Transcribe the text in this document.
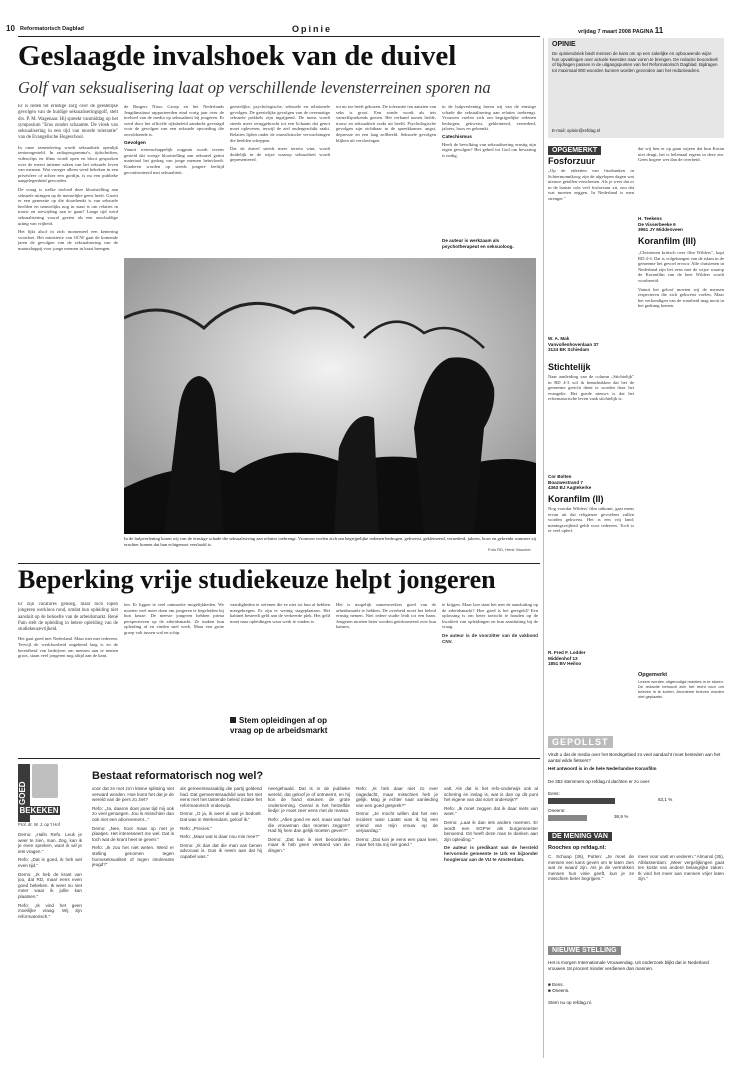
Reformatorisch Dagblad
10	Opinie	vrijdag 7 maart 2008 PAGINA 11
Geslaagde invalshoek van de duivel
Golf van seksualisering laat op verschillende levensterreinen sporen na

Er is reden tot ernstige zorg over de geestelijke gevolgen van de huidige seksualiseringsgolf, stelt drs. P. M. Wagenaar. Hij spreekt vanmiddag op het symposium "Eros zonder schaamte. De vloek van seksualisering in een tijd van morele tolerantie" van de Evangelische Hogeschool.

In onze samenleving wordt seksualiteit openlijk tentoongesteld. In radioprogramma's, tijdschriften, videoclips en films wordt open en bloot gesproken over de meest intieme zaken van het seksuele leven van mensen. Wat vroeger alleen werd bekeken in een privésfeer of achter een gordijn, is nu een publieke aangelegenheid geworden.

De vraag is welke invloed deze blootstelling aan seksuele uitingen op de menselijke geest heeft. Groeit er een generatie op die doordrenkt is van seksuele beelden en nauwelijks nog in staat is om relaties in trouw en toewijding aan te gaan? Lange tijd werd seksualisering vooral gezien als een onschuldige uiting van vrijheid.

Het lijkt alsof in zich momenteel een kentering voordoet. Het ministerie van OCW gaat de komende jaren de gevolgen van de seksualisering van de maatschappij voor jonge mensen in kaart brengen.

de Rutgers Nisso Groep en het Nederlands Jeugdinstituut rapporteerden eind vorig jaar over de invloed van de media op seksualiteit bij jongeren. Er werd door het officiële rijksbeleid aandacht gevraagd voor de gevolgen van een seksuele opvoeding die onvoldoende is.

Gevolgen

Vanuit wetenschappelijk oogpunt wordt tevens gesteld dat vroege blootstelling aan seksueel getint materiaal het gedrag van jonge mensen beïnvloedt. Kinderen worden op steeds jongere leeftijd geconfronteerd met seksualiteit.

geestelijke, psychologische, seksuele en relationele gevolgen. De geestelijke gevolgen van de overmatige seksuele prikkels zijn ingrijpend. De mens wordt steeds meer teruggebracht tot een lichaam dat genot moet opleveren, terwijl de ziel ondergeschikt raakt. Relaties lijden onder de onrealistische verwachtingen die beelden scheppen.

Dat de duivel steeds meer terrein wint, wordt duidelijk in de wijze waarop seksualiteit wordt gepresenteerd.

tot nu toe heeft gekozen. De tolerantie ten aanzien van seks is groot. Een zonde wordt als iets vanzelfsprekends gezien. Het verband tussen liefde, trouw en seksualiteit raakt uit beeld. Psychologische gevolgen zijn zichtbaar in de spreekkamer: angst, depressie en een laag zelfbeeld. Seksuele gevolgen blijken uit verslavingen.

in de hulpverlening horen wij van de ernstige schade die seksualisering aan relaties toebrengt. Vrouwen voelen zich om begrijpelijke redenen bedrogen, gekwetst, gekleineerd, vernederd, jaloers, boos en gekrenkt.

Catechismus

Heeft de bevolking van seksualisering ernstig zijn eigen gevolgen? Het gebed tot God om bewaring is nodig.

In de hulpverlening horen wij van de ernstige schade die seksualisering aan relaties toebrengt. Vrouwen voelen zich om begrijpelijke redenen bedrogen, gekwetst, gekleineerd, vernederd, jaloers, boos en gekrenkt wanneer zij erachter komen dat hun echtgenoot verslaafd is.
Foto RD, Henk Visscher
De auteur is werkzaam als psychotherapeut en seksuoloog.
Beperking vrije studiekeuze helpt jongeren

Er zijn vacatures genoeg, maar toch lopen jongeren werkloos rond, omdat hun opleiding niet aansluit op de behoefte van de arbeidsmarkt. René Pain stelt de opleiding in betere opleiding van de studiekeuzevrijheid.

Het gaat goed met Nederland. Maar niet met iedereen. Terwijl de werkloosheid ongekend laag is en de bereidheid van bedrijven om mensen aan te nemen groot, staan veel jongeren nog altijd aan de kant.

ten. Er liggen te veel ontmoette mogelijkheden. We moeten veel meer doen om jongeren te begeleiden bij hun keuze. De meeste jongeren hebben prima perspectieven op de arbeidsmarkt. Ze maken hun opleiding af en vinden snel werk. Maar een grote groep valt tussen wal en schip.

vaardigheden te oefenen die ze niet tot hun al hebben meegekregen. Er zijn te weinig stageplaatsen. Het kabinet besteedt geld aan de verkeerde plek. Het geld moet naar opleidingen waar werk te vinden is.

Stem opleidingen af op vraag op de arbeidsmarkt

Het is mogelijk samenwerkers goed van de arbeidsmarkt te hebben. De overheid moet het beleid ernstig nemen. Niet iedere studie leidt tot een baan. Jongeren moeten beter worden geïnformeerd over hun kansen.

te krijgen. Maar hoe staat het met de aansluiting op de arbeidsmarkt? Hoe goed is het geregeld? Een oplossing is om beter toezicht te houden op de kwaliteit van opleidingen en hun aansluiting bij de vraag.

De auteur is de voorzitter van de vakbond CNV.

GOED
BEKEKEN
Prof. dr. W. J. op 't Hof
Bestaat reformatorisch nog wel?

Demo: „Hallo Refo. Leuk je weer te zien, man. Zeg, kan ik je even spreken, want ik wil je iets vragen."

Refo: „Dat is goed, ik heb wel even tijd."

Demo: „Ik heb de krant van jou, dat RD, maar eens even goed bekeken. Ik weet nu niet meer waar ik jullie kan plaatsen."

Refo: „Ik vind het geen moeilijke vraag. Wij zijn reformatorisch."

voor dat ze met zo'n kleine splitsing niet verward worden. Hoe komt het dat je de wereld van de pers zo ziet?

Refo: „Ja, daaron doet jouw tijd mij ook zo veel genoegen. Jou is misschien dan ook niet een abonnement..."

Demo: „Nee, hoor maar op met je plaatjes. Het interesseert me wel. Dat is toch wat de krant heet te geven."

Refo: „Ik zou het niet weten. Werd er stelling genomen tegen homoseksualiteit of tegen intolerante jeugd?"

als gemeentearaaldig die partij geldend had. Dat gemeenteraadslid was het niet eens met het tastende beleid inzake het reformatorisch onderwijs.

Demo: „O ja, ik weet al wat je bedoelt. Dat was in Werkendam, geloof ik."

Refo: „Precies."

Refo: „Maar wat is daar nou mis mee?"

Demo: „Ik dan dat die man van benen advocaat is. Dus ik neem aan dat hij capabel was."

neergehaald. Dat is in de publieke wereld, dat geloof je of ontneemt, en hij kon de hand steunen de grote onderneming. Overal is het hetzelfde liedje: je moet zeer eens met de massa.

Refo: „Alles goed en wel, maar wat had die vrouwman dan moeten zeggen? Had hij hem dan gelijk moeten geven?"

Demo: „Dat kan ik niet beoordelen, maar ik heb geen verstand van die dingen."

Refo: „Ik heb daar niet zo over nagedacht, maar misschien heb je gelijk. Mag je echter naar aanleiding van een goed gesprek?"

Demo: „Je mocht willen dat het een incident was! Laatst was ik bij een vriend van mijn vrouw op de verjaardag."

Demo: „Dat kon je eens een paar keer, maar het sta mij niet goed."

valt. Als dat in het refo-onderwijs ook al schering en inslag is, wat is dan op dit punt het eigene van dat soort onderwijs?"

Refo: „Ik moet zeggen dat ik daar niets van weet."

Demo: „Laat ik dan iets anders noemen. Er wordt een SGP'er als burgemeester benoemd. Dit heeft deze man te danken aan zijn opleiding."

De auteur is predikant van de hersteld hervormde gemeente te Urk en bijzonder hoogleraar aan de VU te Amsterdam.

OPINIE
De opinierubriek biedt mensen de kans om op een zakelijke en opbouwende wijze hun opvattingen over actuele kwesties naar voren te brengen. De redactie beoordeelt of bijdragen passen in de uitgangspunten van het Reformatorisch Dagblad. Bijdragen tot maximaal 800 woorden kunnen worden gezonden aan het redactieadres.
E-mail: opinie@refdag.nl
OPGEMERKT
Fosforzuur

„Op de etiketten van frisdranken in Schiermonnikoog zijn de afgelopen dagen wat nieuwe getallen verschenen. Als je weet dat er in de laatste cola veel fosforzuur zit, zou dat wat moeten zeggen. In Nederland is men strenger."

W. A. Mak
Vanvollenhovenlaan 37
3124 BK Schiedam
Stichtelijk

Naar aanleiding van de column „Stichtelijk" in RD 4-3 wil ik benadrukken dat het de gemeente gericht dient te worden door het evangelie. Het goede nieuws is dat het reformatorische leven vaak stichtelijk is.

Cor Bolten
Boazwestrand 7
4363 BJ Aagtekerke
Koranfilm (II)

Nog voordat Wilders' film uitkomt, gaat mens ervan uit dat religieuze gevoelens zullen worden gekwetst. Het is een vrij land; meningsvrijheid geldt voor iedereen. Toch is er veel ophef.

R. Fred F. Lodder
Middenhof 13
1851 BV Heiloo

dat wij hen er op gaan wijzen dat hun Koran niet deugt, het is helemaal ergens in deze zin. Geen hogere wet dan de overheid.

H. Teekens
De Visserbeeke 6
3961 JY Middenveen
Koranfilm (III)

„Christenen kritisch over film Wilders", kopt RD 4-3. Dat is volgehangen van de islam in de gemeente het gevoel ervoor. Alle christenen in Nederland zijn het eens met de wijze waarop de Koranfilm van de heer Wilders wordt voorbereid.

Vanuit het geloof moeten wij de mensen respecteren die zich gekwetst voelen. Maar het verkondigen van de waarheid mag nooit in het gedrang komen.

Opgemerkt

Lezers worden uitgenodigd reacties in te sturen. De redactie behoudt zich het recht voor om brieven in te korten. Anonieme brieven worden niet geplaatst.

GEPOLLST
Vindt u dat de media over het Bondsgebied zo veel aandacht moet besteden aan het aantal wilde fietsers?
Het antwoord is in de hele Nederlandse Koranfilm
De 352 stemmers op refdag.nl dachten er zo over:
Eens:
63,1 %
Oneens:
36,9 %
DE MENING VAN
Rooches op refdag.nl:

C. Schaap (36), Putten: „Je moet de mensen een kans geven om te laten zien wat ze waard zijn. Als je de vertrokken mensen hun visie geeft, kun je ze misschien beter begrijpen."

meer voor vast en vederen." Almanol (35), Alblasserdam: „Meer vergelijkingen gaat ten koste van andere belangrijke zaken. Ik vind het meer aan mensen vrijer laten zijn."

NIEUWE STELLING
Het is morgen Internationale Vrouwendag. Uit onderzoek blijkt dat in Nederland vrouwen 18 procent minder verdienen dan mannen.
■ Eens.
■ Oneens.
Stem nu op refdag.nl.
